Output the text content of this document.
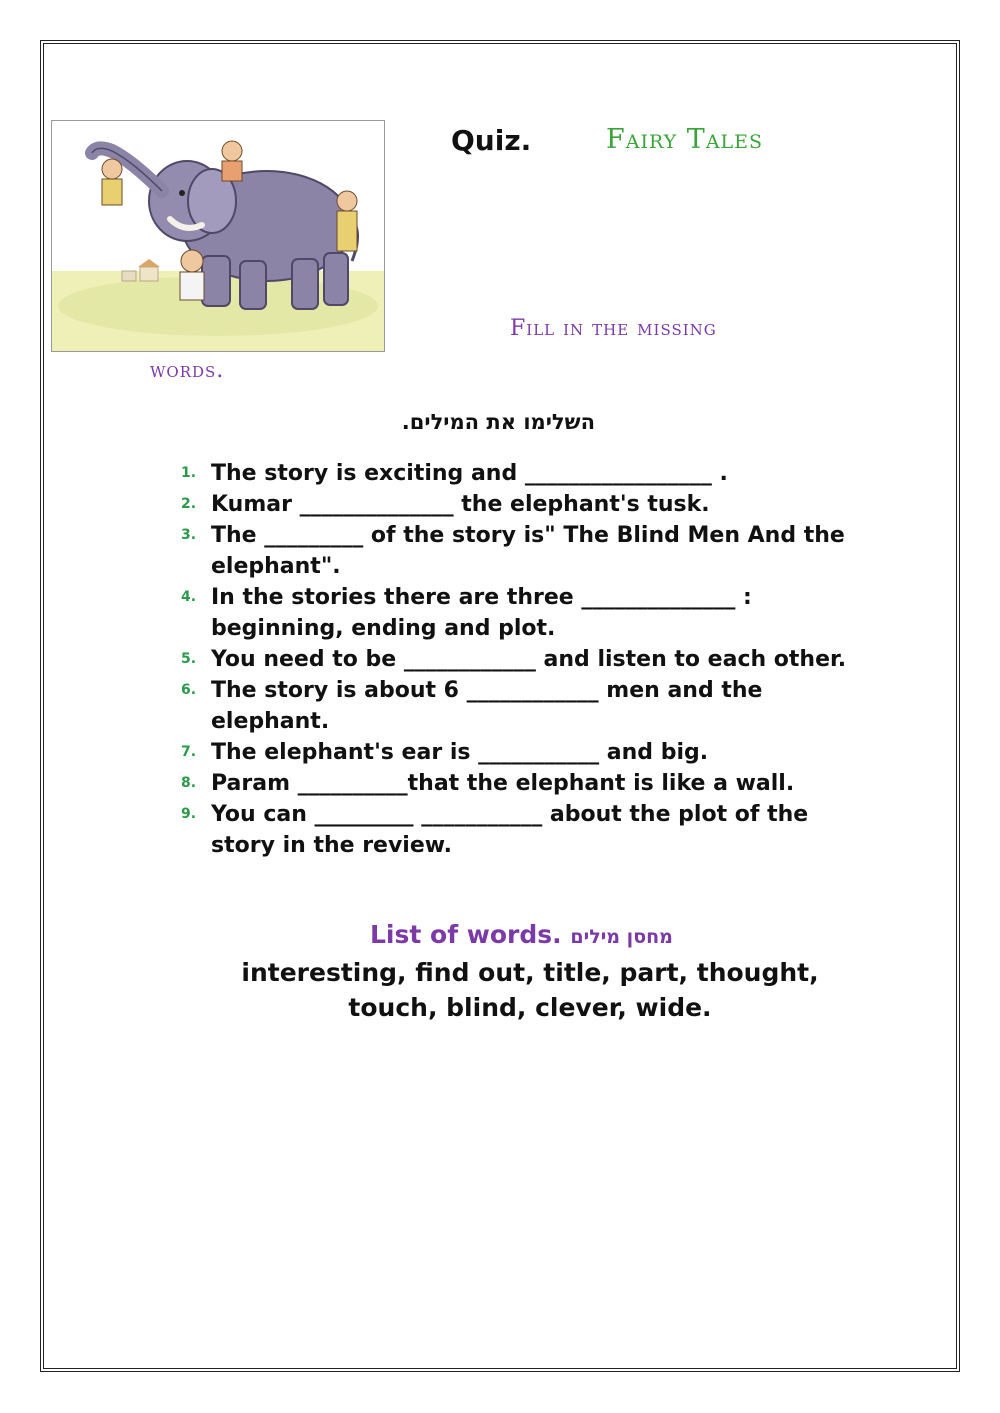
Quiz.	Fairy Tales
Fill in the missing
words.
השלימו את המילים.
1. The story is exciting and _________________ .
2. Kumar ______________ the elephant's tusk.
3. The _________ of the story is" The Blind Men And the elephant".
4. In the stories there are three ______________ : beginning, ending and plot.
5. You need to be ____________ and listen to each other.
6. The story is about 6 ____________ men and the elephant.
7. The elephant's ear is ___________ and big.
8. Param __________that the elephant is like a wall.
9. You can _________ ___________ about the plot of the story in the review.
List of words. מחסן מילים
interesting, find out, title, part, thought, touch, blind, clever, wide.
